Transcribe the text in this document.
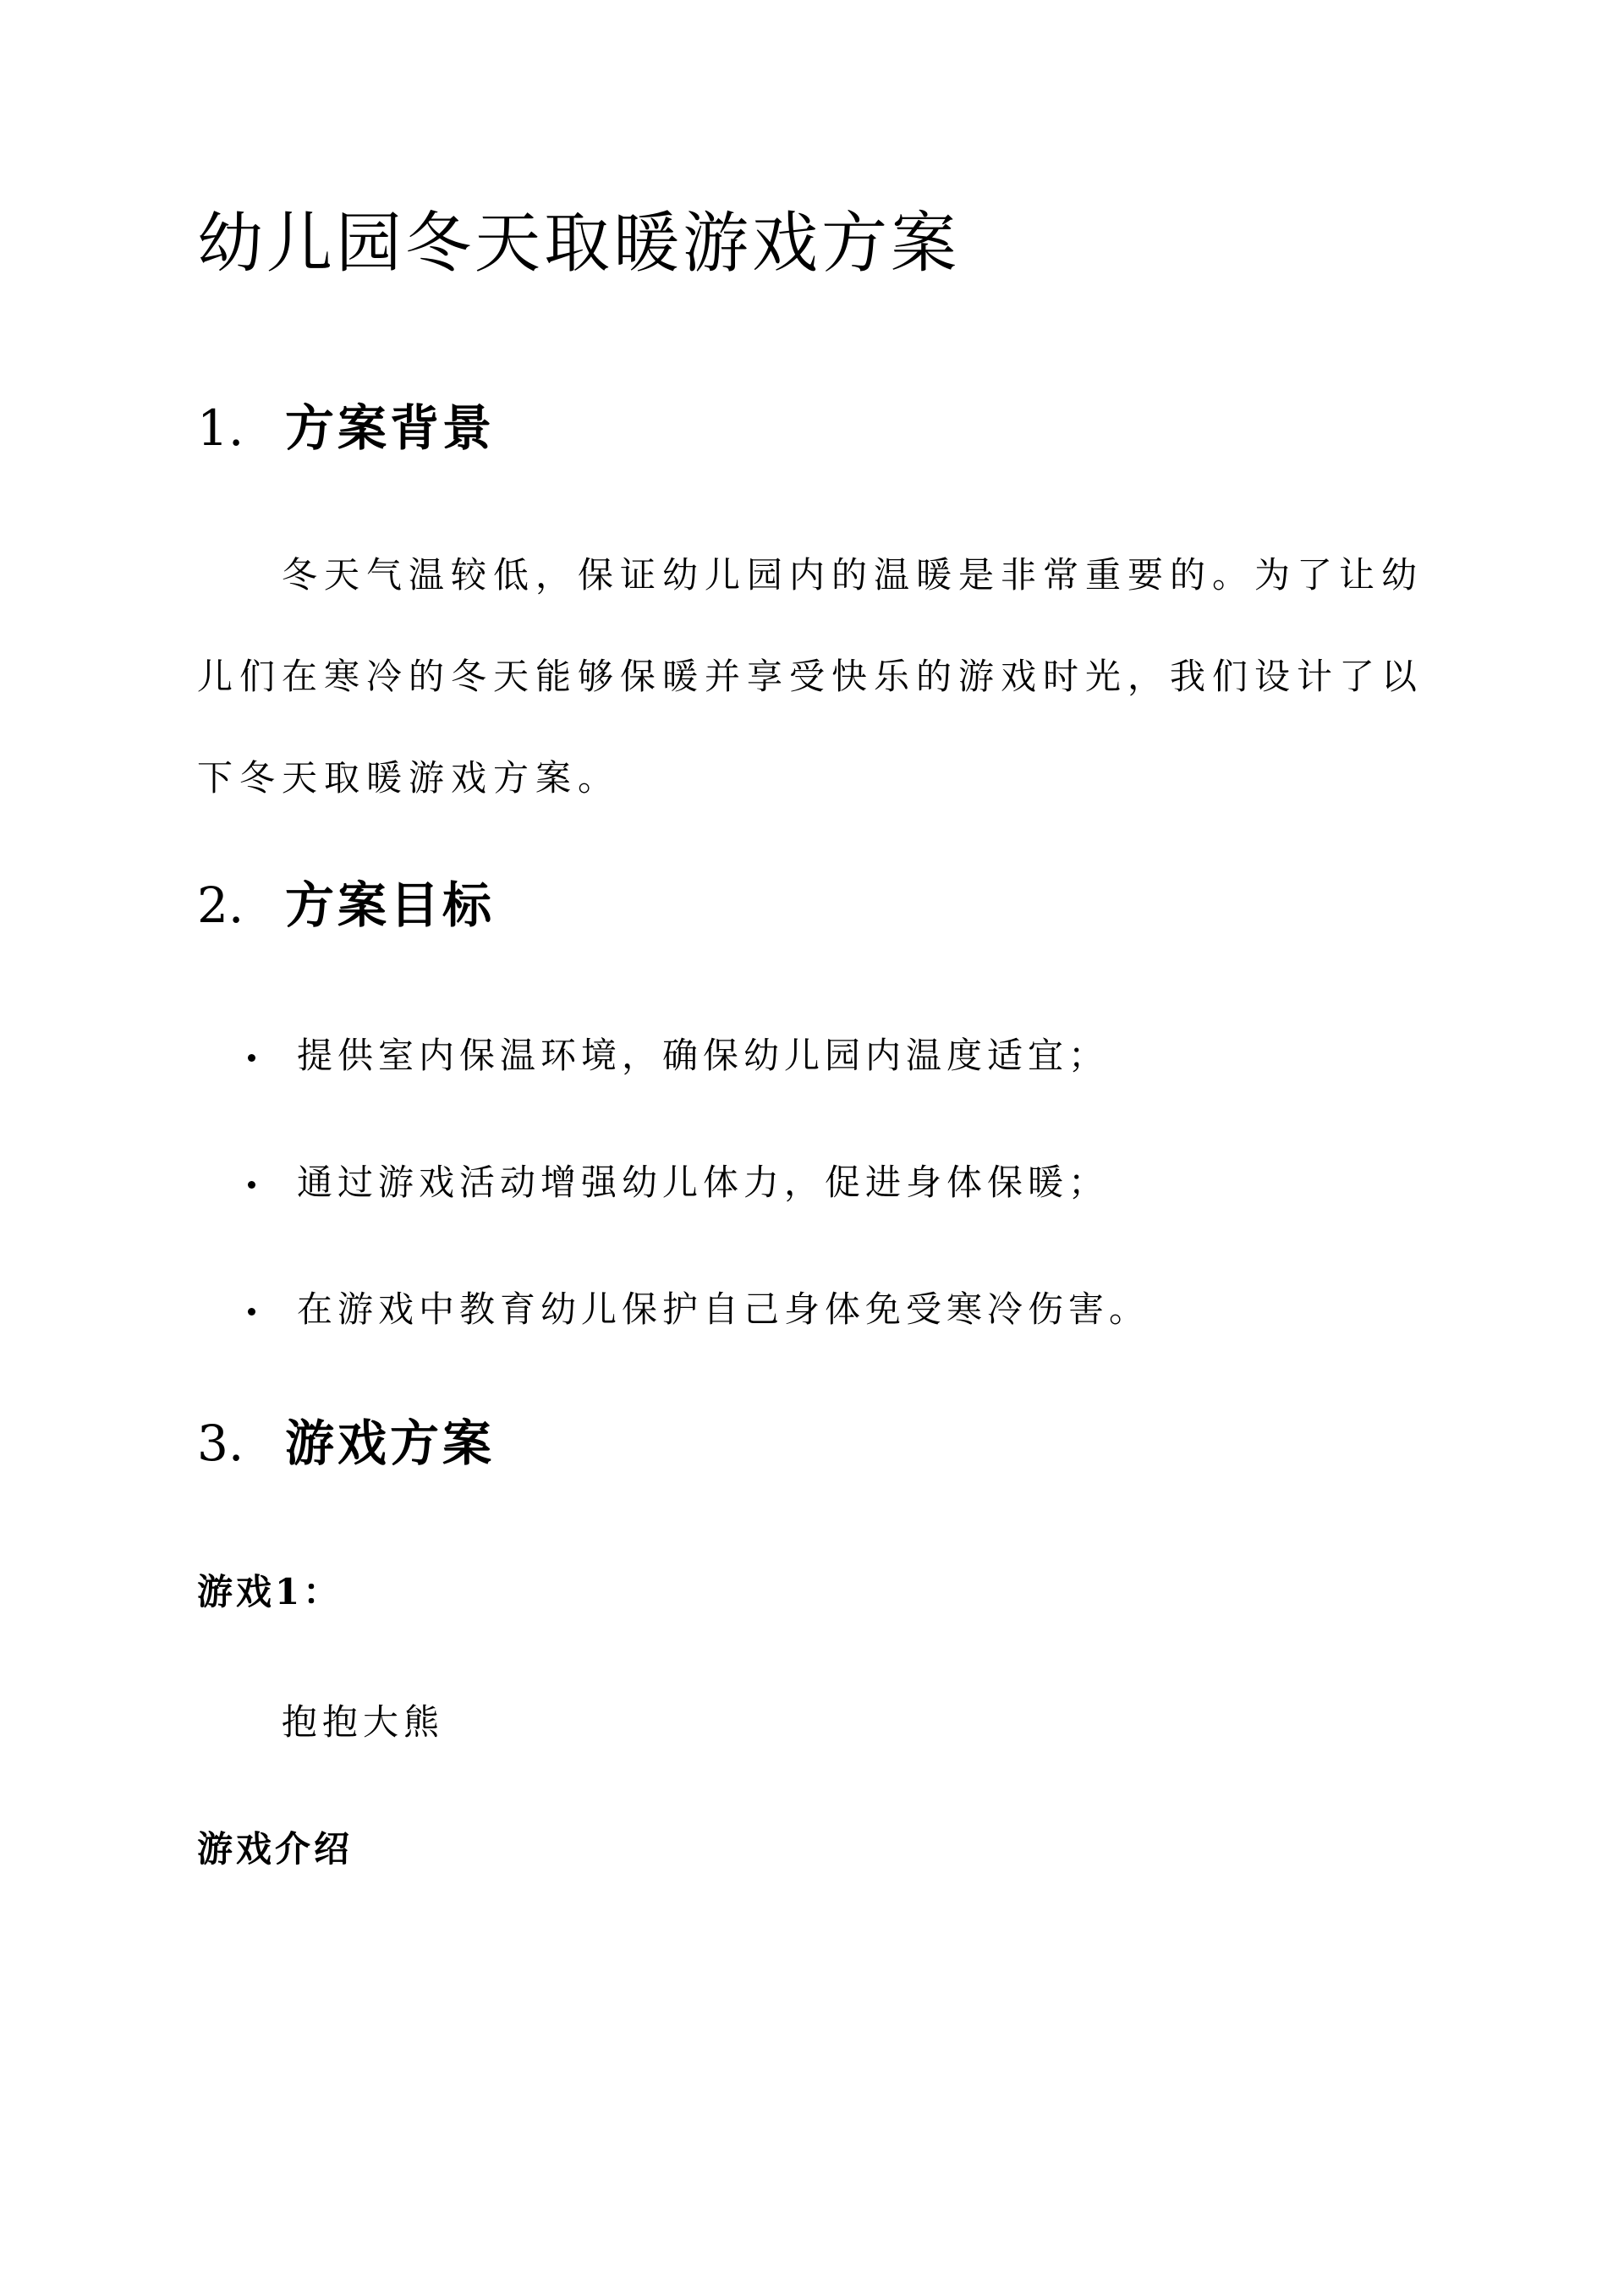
幼儿园冬天取暖游戏方案
1. 方案背景

冬天气温较低，保证幼儿园内的温暖是非常重要的。为了让幼
儿们在寒冷的冬天能够保暖并享受快乐的游戏时光，我们设计了以
下冬天取暖游戏方案。

2. 方案目标
提供室内保温环境，确保幼儿园内温度适宜；
通过游戏活动增强幼儿体力，促进身体保暖；
在游戏中教育幼儿保护自己身体免受寒冷伤害。
3. 游戏方案
游戏1：

抱抱大熊

游戏介绍
